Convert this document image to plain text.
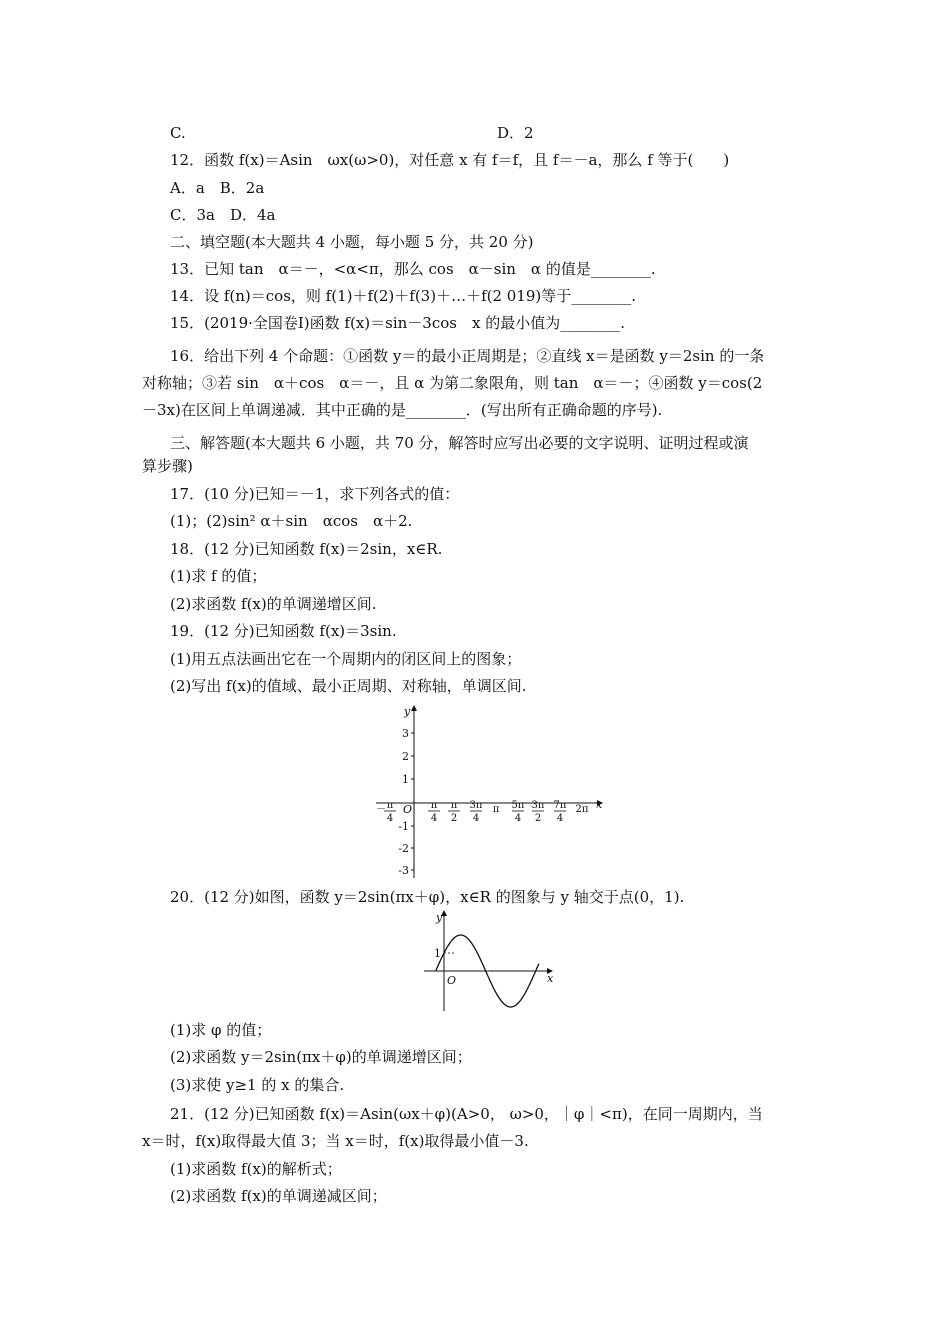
C.	D．2
12．函数 f(x)＝Asin　ωx(ω>0)，对任意 x 有 f＝f，且 f＝－a，那么 f 等于(　　)
A．a　B．2a
C．3a　D．4a
二、填空题(本大题共 4 小题，每小题 5 分，共 20 分)
13．已知 tan　α＝－，<α<π，那么 cos　α－sin　α 的值是________.
14．设 f(n)＝cos，则 f(1)＋f(2)＋f(3)＋…＋f(2 019)等于________.
15．(2019·全国卷Ⅰ)函数 f(x)＝sin－3cos　x 的最小值为________.
16．给出下列 4 个命题：①函数 y＝的最小正周期是；②直线 x＝是函数 y＝2sin 的一条
对称轴；③若 sin　α＋cos　α＝－，且 α 为第二象限角，则 tan　α＝－；④函数 y＝cos(2
－3x)在区间上单调递减．其中正确的是________．(写出所有正确命题的序号).
三、解答题(本大题共 6 小题，共 70 分，解答时应写出必要的文字说明、证明过程或演
算步骤)
17．(10 分)已知＝－1，求下列各式的值：
(1)；(2)sin² α＋sin　αcos　α＋2.
18．(12 分)已知函数 f(x)＝2sin，x∈R.
(1)求 f 的值；
(2)求函数 f(x)的单调递增区间.
19．(12 分)已知函数 f(x)＝3sin.
(1)用五点法画出它在一个周期内的闭区间上的图象；
(2)写出 f(x)的值域、最小正周期、对称轴，单调区间.
y
x
O
3
2
1
-1
-2
-3
－ π
4
π
4
π
2
3π
4
π 5π
4
3π
2
7π
4
2π
20．(12 分)如图，函数 y＝2sin(πx＋φ)，x∈R 的图象与 y 轴交于点(0，1).
y
x
O
1
(1)求 φ 的值；
(2)求函数 y＝2sin(πx＋φ)的单调递增区间；
(3)求使 y≥1 的 x 的集合.
21．(12 分)已知函数 f(x)＝Asin(ωx＋φ)(A>0， ω>0，｜φ｜<π)，在同一周期内，当
x＝时，f(x)取得最大值 3；当 x＝时，f(x)取得最小值－3.
(1)求函数 f(x)的解析式；
(2)求函数 f(x)的单调递减区间；
